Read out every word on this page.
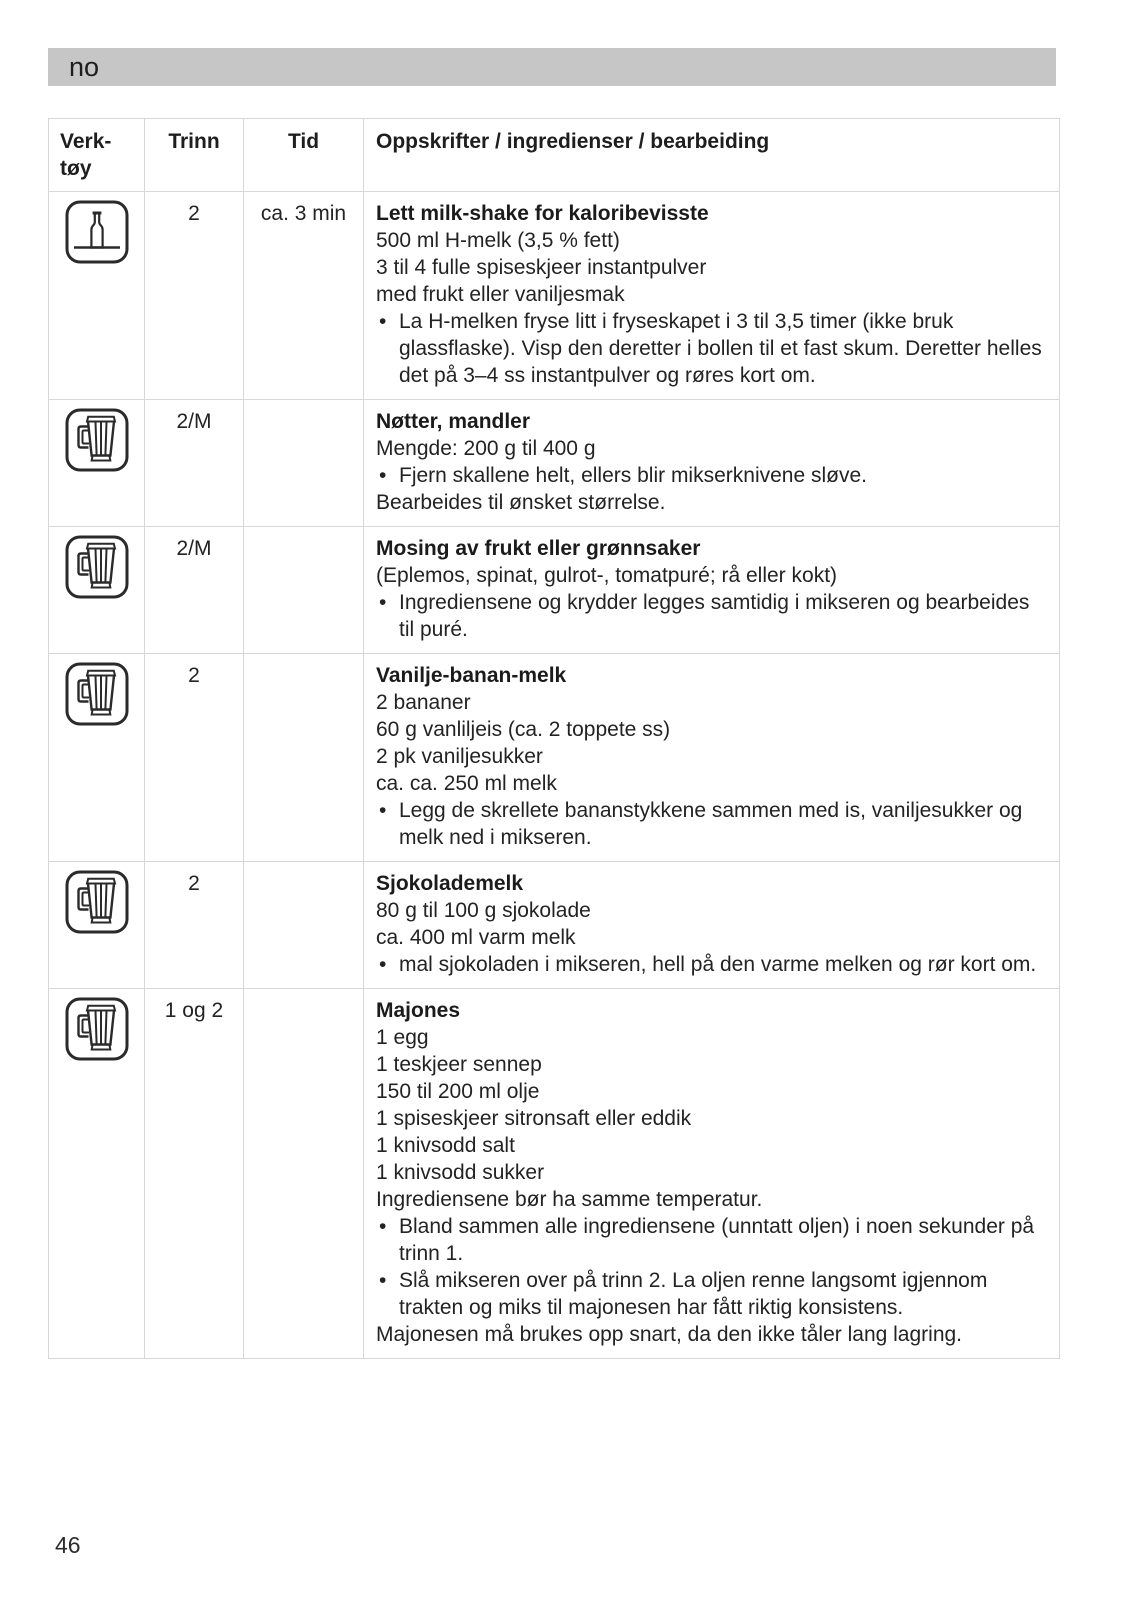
no
Verk-tøy	Trinn	Tid	Oppskrifter / ingredienser / bearbeiding

	2	ca. 3 min	Lett milk-shake for kaloribevisste
500 ml H-melk (3,5 % fett)
3 til 4 fulle spiseskjeer instantpulver
med frukt eller vaniljesmak
• La H-melken fryse litt i fryseskapet i 3 til 3,5 timer (ikke bruk glassflaske). Visp den deretter i bollen til et fast skum. Deretter helles det på 3–4 ss instantpulver og røres kort om.

	2/M		Nøtter, mandler
Mengde: 200 g til 400 g
• Fjern skallene helt, ellers blir mikserknivene sløve.
Bearbeides til ønsket størrelse.

	2/M		Mosing av frukt eller grønnsaker
(Eplemos, spinat, gulrot-, tomatpuré; rå eller kokt)
• Ingrediensene og krydder legges samtidig i mikseren og bearbeides til puré.

	2		Vanilje-banan-melk
2 bananer
60 g vanliljeis (ca. 2 toppete ss)
2 pk vaniljesukker
ca. ca. 250 ml melk
• Legg de skrellete bananstykkene sammen med is, vaniljesukker og melk ned i mikseren.

	2		Sjokolademelk
80 g til 100 g sjokolade
ca. 400 ml varm melk
• mal sjokoladen i mikseren, hell på den varme melken og rør kort om.

	1 og 2		Majones
1 egg
1 teskjeer sennep
150 til 200 ml olje
1 spiseskjeer sitronsaft eller eddik
1 knivsodd salt
1 knivsodd sukker
Ingrediensene bør ha samme temperatur.
• Bland sammen alle ingrediensene (unntatt oljen) i noen sekunder på trinn 1.
• Slå mikseren over på trinn 2. La oljen renne langsomt igjennom trakten og miks til majonesen har fått riktig konsistens.
Majonesen må brukes opp snart, da den ikke tåler lang lagring.
46
